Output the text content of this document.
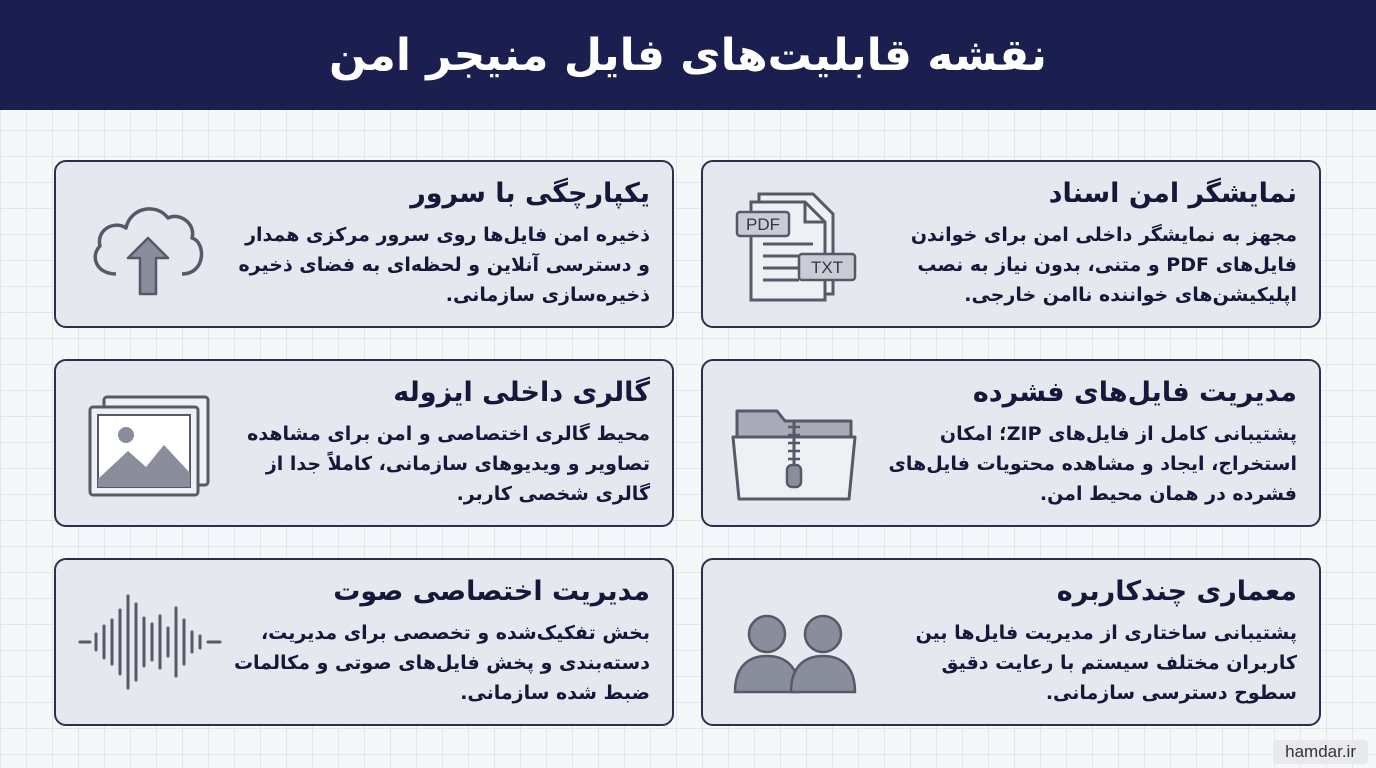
نقشه قابلیت‌های فایل منیجر امن
PDF
TXT

نمایشگر امن اسناد

مجهز به نمایشگر داخلی امن برای خواندن فایل‌های PDF و متنی، بدون نیاز به نصب اپلیکیشن‌های خواننده ناامن خارجی.

یکپارچگی با سرور

ذخیره امن فایل‌ها روی سرور مرکزی همدار و دسترسی آنلاین و لحظه‌ای به فضای ذخیره ذخیره‌سازی سازمانی.

مدیریت فایل‌های فشرده

پشتیبانی کامل از فایل‌های ZIP؛ امکان استخراج، ایجاد و مشاهده محتویات فایل‌های فشرده در همان محیط امن.

گالری داخلی ایزوله

محیط گالری اختصاصی و امن برای مشاهده تصاویر و ویدیوهای سازمانی، کاملاً جدا از گالری شخصی کاربر.

معماری چندکاربره

پشتیبانی ساختاری از مدیریت فایل‌ها بین کاربران مختلف سیستم با رعایت دقیق سطوح دسترسی سازمانی.

مدیریت اختصاصی صوت

بخش تفکیک‌شده و تخصصی برای مدیریت، دسته‌بندی و پخش فایل‌های صوتی و مکالمات ضبط شده سازمانی.

hamdar.ir
